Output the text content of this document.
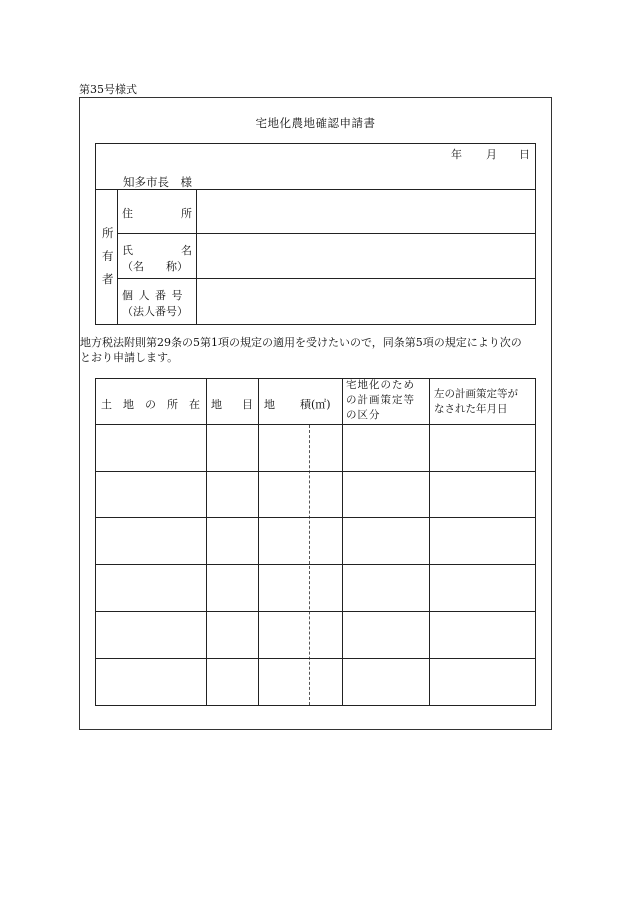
第35号様式
宅地化農地確認申請書
年 月 日
知多市長　様
所
有
者
住	所
氏	名
（名　　称）
個 人 番 号
（法人番号）
地方税法附則第29条の5第1項の規定の適用を受けたいので，同条第5項の規定により次の
とおり申請します。
土　地　の　所　在 地 目 地 積(㎡)
宅地化のため
の計画策定等
の区分
左の計画策定等が
なされた年月日
